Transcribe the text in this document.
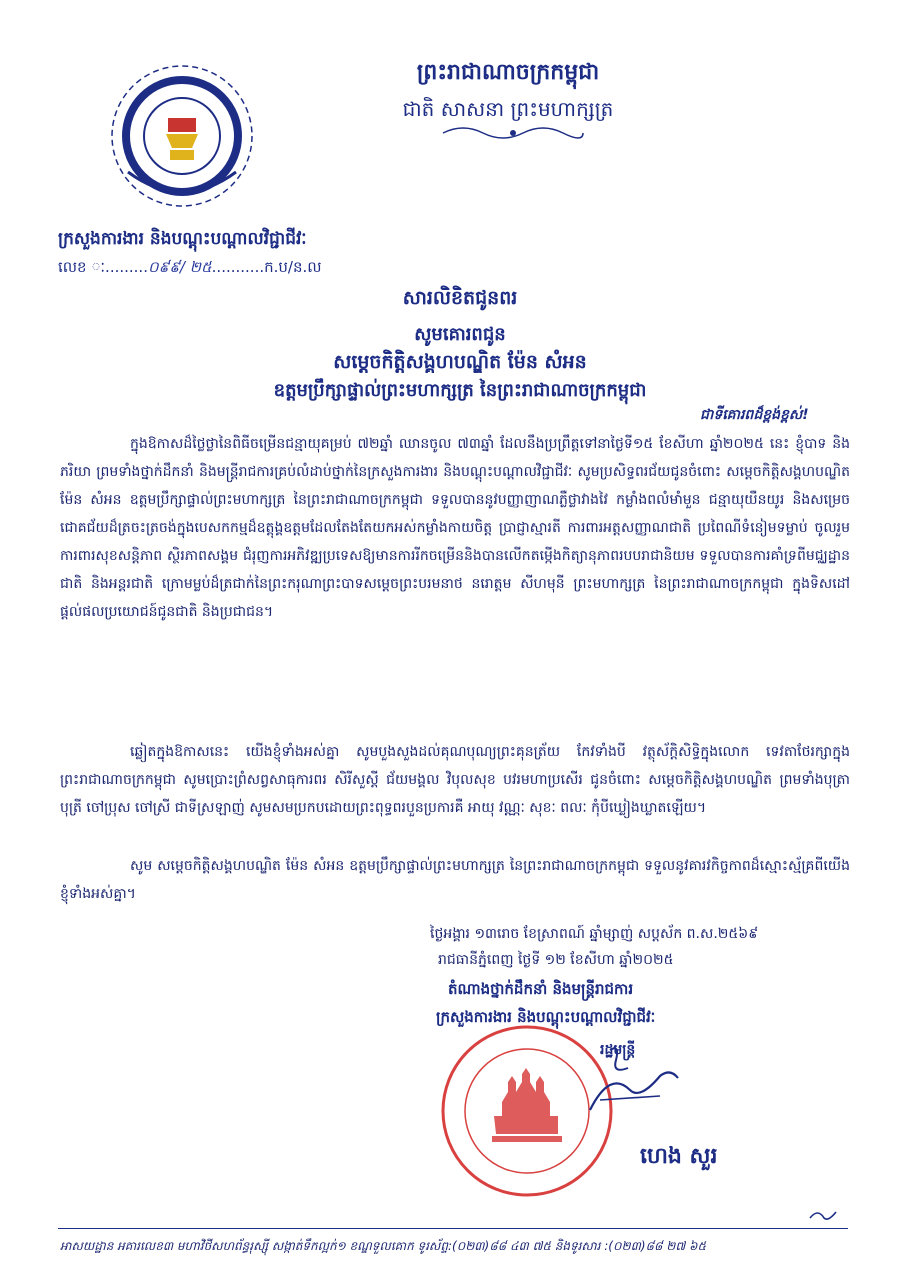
ព្រះរាជាណាចក្រកម្ពុជា
ជាតិ សាសនា ព្រះមហាក្សត្រ
ក្រសួងការងារ និងបណ្តុះបណ្តាលវិជ្ជាជីវៈ
លេខ ៈ.........០៩៩/ ២៥...........ក.ប/ន.ល
សារលិខិតជូនពរ
សូមគោរពជូន
សម្តេចកិត្តិសង្គហបណ្ឌិត ម៉ែន សំអន
ឧត្តមប្រឹក្សាផ្ទាល់ព្រះមហាក្សត្រ នៃព្រះរាជាណាចក្រកម្ពុជា
ជាទីគោរពដ៏ខ្ពង់ខ្ពស់!
ក្នុងឱកាសដ៏ថ្លៃថ្លានៃពិធីចម្រើនជន្មាយុគម្រប់ ៧២ឆ្នាំ ឈានចូល ៧៣ឆ្នាំ ដែលនឹងប្រព្រឹត្តទៅនាថ្ងៃទី១៥ ខែសីហា ឆ្នាំ២០២៥ នេះ ខ្ញុំបាទ និងភរិយា ព្រមទាំងថ្នាក់ដឹកនាំ និងមន្ត្រីរាជការគ្រប់លំដាប់ថ្នាក់នៃក្រសួងការងារ និងបណ្តុះបណ្តាលវិជ្ជាជីវៈ សូមប្រសិទ្ធពរជ័យជូនចំពោះ សម្តេចកិត្តិសង្គហបណ្ឌិត ម៉ែន សំអន ឧត្តមប្រឹក្សាផ្ទាល់ព្រះមហាក្សត្រ នៃព្រះរាជាណាចក្រកម្ពុជា ទទួលបាននូវបញ្ញាញាណភ្លឺថ្លាវាងវៃ កម្លាំងពលំមាំមួន ជន្មាយុយឺនយូរ និងសម្រេចជោគជ័យដ៏ត្រចះត្រចង់ក្នុងបេសកកម្មដ៏ឧត្តុង្គឧត្តមដែលតែងតែយកអស់កម្លាំងកាយចិត្ត ប្រាជ្ញាស្មារតី ការពារអត្តសញ្ញាណជាតិ ប្រពៃណីទំនៀមទម្លាប់ ចូលរួមការពារសុខសន្តិភាព ស្ថិរភាពសង្គម ជំរុញការអភិវឌ្ឍប្រទេសឱ្យមានការរីកចម្រើននិងបានលើកតម្កើងកិត្យានុភាពរបបរាជានិយម ទទួលបានការគាំទ្រពីមជ្ឈដ្ឋានជាតិ និងអន្តរជាតិ ក្រោមម្លប់ដ៏ត្រជាក់នៃព្រះករុណាព្រះបាទសម្តេចព្រះបរមនាថ នរោត្តម សីហមុនី ព្រះមហាក្សត្រ នៃព្រះរាជាណាចក្រកម្ពុជា ក្នុងទិសដៅផ្តល់ផលប្រយោជន៍ជូនជាតិ និងប្រជាជន។
ឆ្លៀតក្នុងឱកាសនេះ យើងខ្ញុំទាំងអស់គ្នា សូមបួងសួងដល់គុណបុណ្យព្រះគុនត្រ័យ កែវទាំងបី វត្ថុស័ក្តិសិទ្ធិក្នុងលោក ទេវតាថែរក្សាក្នុងព្រះរាជាណាចក្រកម្ពុជា សូមប្រោះព្រំសព្វសាធុការពរ សិរីសួស្តី ជ័យមង្គល វិបុលសុខ បវរមហាប្រសើរ ជូនចំពោះ សម្តេចកិត្តិសង្គហបណ្ឌិត ព្រមទាំងបុត្រា បុត្រី ចៅប្រុស ចៅស្រី ជាទីស្រឡាញ់ សូមសមប្រកបដោយព្រះពុទ្ធពរបួនប្រការគឺ អាយុ វណ្ណៈ សុខៈ ពលៈ កុំបីឃ្លៀងឃ្លាតឡើយ។
សូម សម្តេចកិត្តិសង្គហបណ្ឌិត ម៉ែន សំអន ឧត្តមប្រឹក្សាផ្ទាល់ព្រះមហាក្សត្រ នៃព្រះរាជាណាចក្រកម្ពុជា ទទួលនូវគារវកិច្ចកាពដ៏ស្មោះស្ម័គ្រពីយើងខ្ញុំទាំងអស់គ្នា។
ថ្ងៃអង្គារ ១៣រោច ខែស្រាពណ៍ ឆ្នាំម្សាញ់ សប្តស័ក ព.ស.២៥៦៩
រាជធានីភ្នំពេញ ថ្ងៃទី ១២ ខែសីហា ឆ្នាំ២០២៥
តំណាងថ្នាក់ដឹកនាំ និងមន្ត្រីរាជការ
ក្រសួងការងារ និងបណ្តុះបណ្តាលវិជ្ជាជីវៈ
រដ្ឋមន្ត្រី
ហេង សួរ
អាសយដ្ឋាន អគារលេខ៣ មហាវិថីសហព័ន្ធរុស្ស៊ី សង្កាត់ទឹកល្អក់១ ខណ្ឌទួលគោក ទូរស័ព្ទ:(០២៣)៨៨ ៤៣ ៧៥ និងទូរសារ :(០២៣)៨៨ ២៧ ៦៥
